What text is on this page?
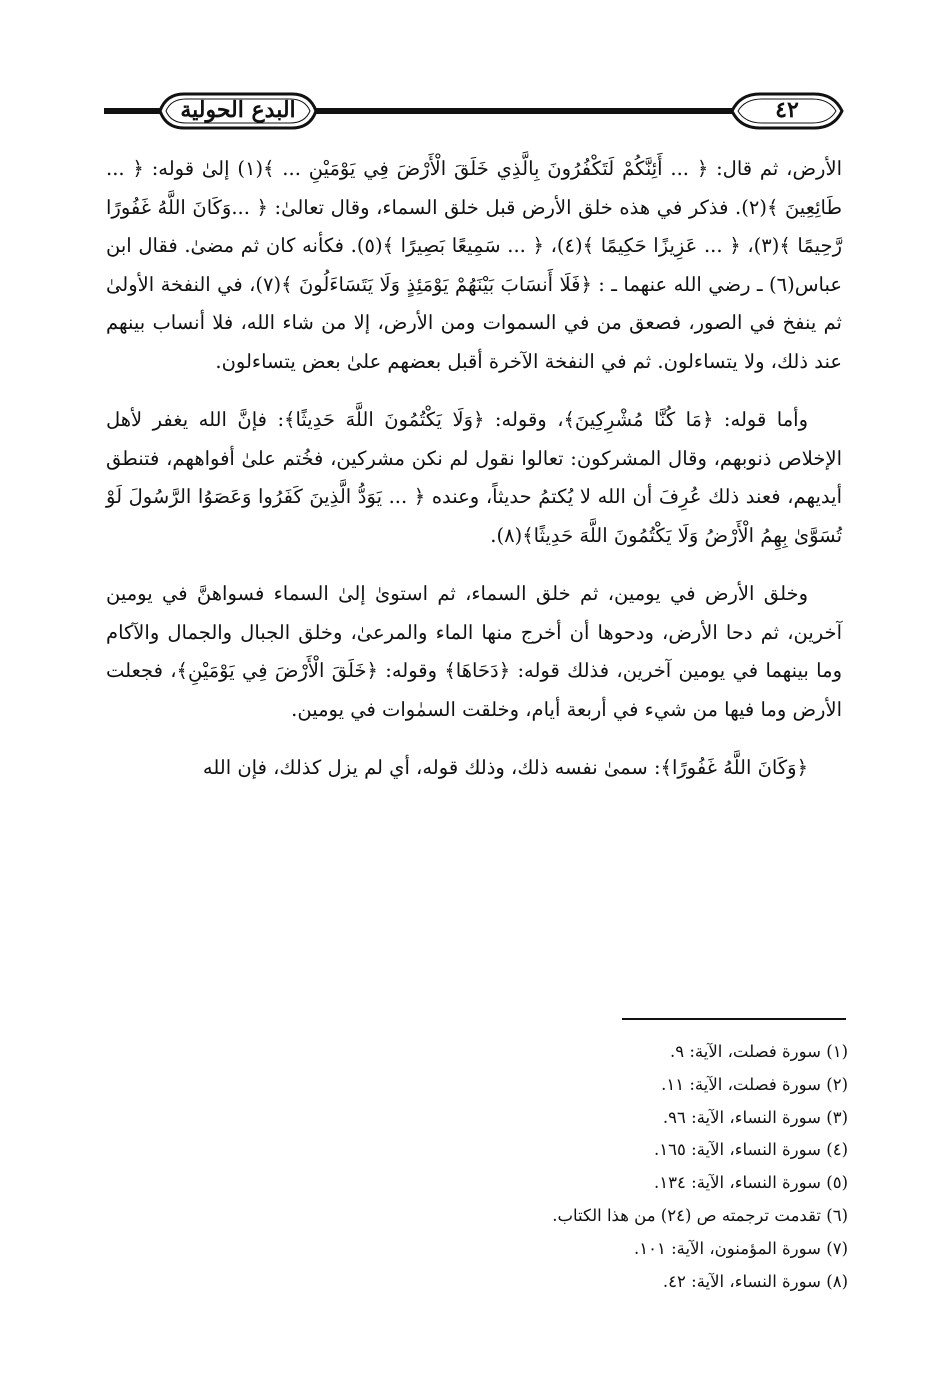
البدع الحولية	٤٢

الأرض، ثم قال: ﴿ ... أَئِنَّكُمْ لَتَكْفُرُونَ بِالَّذِي خَلَقَ الْأَرْضَ فِي يَوْمَيْنِ ... ﴾(١) إلىٰ قوله: ﴿ ... طَائِعِينَ ﴾(٢). فذكر في هذه خلق الأرض قبل خلق السماء، وقال تعالىٰ: ﴿ ...وَكَانَ اللَّهُ غَفُورًا رَّحِيمًا ﴾(٣)، ﴿ ... عَزِيزًا حَكِيمًا ﴾(٤)، ﴿ ... سَمِيعًا بَصِيرًا ﴾(٥). فكأنه كان ثم مضىٰ. فقال ابن عباس(٦) ـ رضي الله عنهما ـ : ﴿فَلَا أَنسَابَ بَيْنَهُمْ يَوْمَئِذٍ وَلَا يَتَسَاءَلُونَ ﴾(٧)، في النفخة الأولىٰ ثم ينفخ في الصور، فصعق من في السموات ومن الأرض، إلا من شاء الله، فلا أنساب بينهم عند ذلك، ولا يتساءلون. ثم في النفخة الآخرة أقبل بعضهم علىٰ بعض يتساءلون.

وأما قوله: ﴿مَا كُنَّا مُشْرِكِينَ﴾، وقوله: ﴿وَلَا يَكْتُمُونَ اللَّهَ حَدِيثًا﴾: فإنَّ الله يغفر لأهل الإخلاص ذنوبهم، وقال المشركون: تعالوا نقول لم نكن مشركين، فخُتم علىٰ أفواههم، فتنطق أيديهم، فعند ذلك عُرِفَ أن الله لا يُكتمُ حديثاً، وعنده ﴿ ... يَوَدُّ الَّذِينَ كَفَرُوا وَعَصَوُا الرَّسُولَ لَوْ تُسَوَّىٰ بِهِمُ الْأَرْضُ وَلَا يَكْتُمُونَ اللَّهَ حَدِيثًا﴾(٨).

وخلق الأرض في يومين، ثم خلق السماء، ثم استوىٰ إلىٰ السماء فسواهنَّ في يومين آخرين، ثم دحا الأرض، ودحوها أن أخرج منها الماء والمرعىٰ، وخلق الجبال والجمال والآكام وما بينهما في يومين آخرين، فذلك قوله: ﴿دَحَاهَا﴾ وقوله: ﴿خَلَقَ الْأَرْضَ فِي يَوْمَيْنِ﴾، فجعلت الأرض وما فيها من شيء في أربعة أيام، وخلقت السمٰوات في يومين.

﴿وَكَانَ اللَّهُ غَفُورًا﴾: سمىٰ نفسه ذلك، وذلك قوله، أي لم يزل كذلك، فإن الله

(١) سورة فصلت، الآية: ٩.
(٢) سورة فصلت، الآية: ١١.
(٣) سورة النساء، الآية: ٩٦.
(٤) سورة النساء، الآية: ١٦٥.
(٥) سورة النساء، الآية: ١٣٤.
(٦) تقدمت ترجمته ص (٢٤) من هذا الكتاب.
(٧) سورة المؤمنون، الآية: ١٠١.
(٨) سورة النساء، الآية: ٤٢.
